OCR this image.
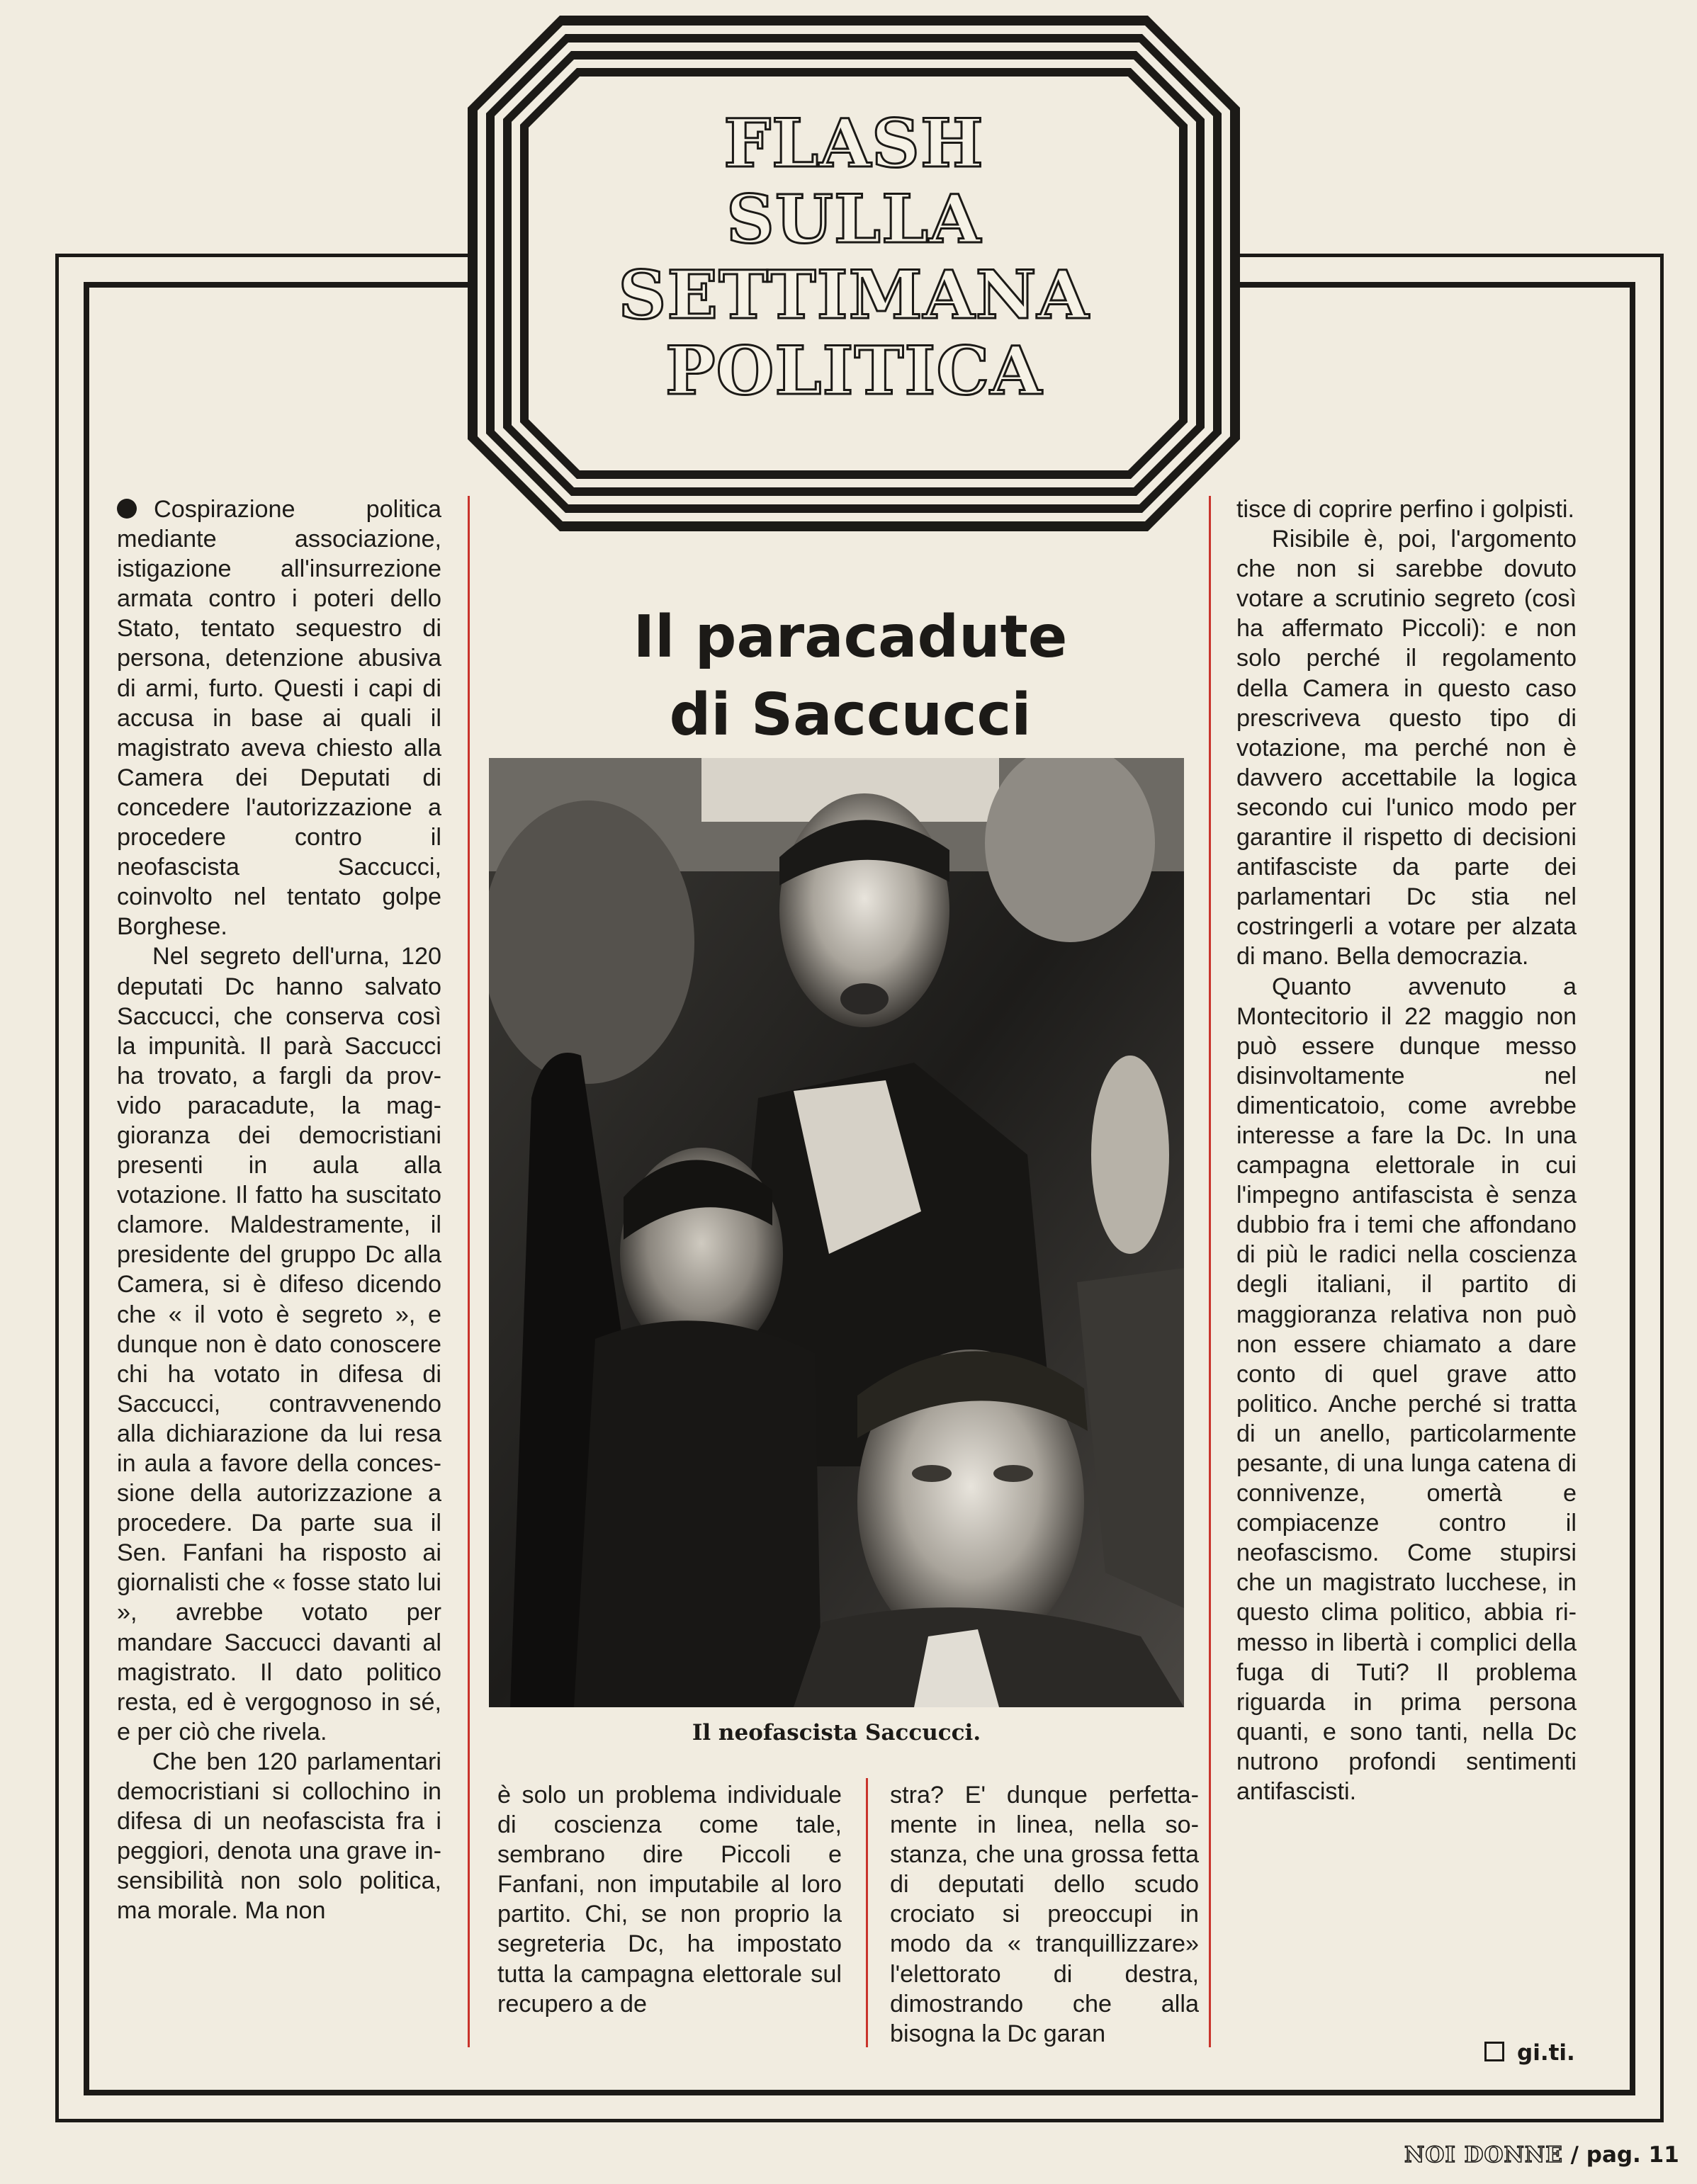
FLASH
SULLA
SETTIMANA
POLITICA

Cospirazione politica mediante associazione, istigazione all'insurrezione armata contro i poteri dello Stato, tentato sequestro di persona, detenzione abusiva di armi, furto. Questi i capi di accusa in base ai quali il magistrato aveva chiesto alla Camera dei Deputati di concedere l'autorizzazione a procedere contro il neofascista Saccucci, coinvolto nel tentato golpe Borghese.

Nel segreto dell'urna, 120 deputati Dc hanno salvato Saccucci, che conserva così la impunità. Il parà Saccucci ha trovato, a fargli da provvido paracadute, la maggioranza dei democristiani presenti in aula alla votazione. Il fatto ha suscitato clamore. Maldestramente, il presidente del gruppo Dc alla Camera, si è difeso dicendo che « il voto è segreto », e dunque non è dato conoscere chi ha votato in difesa di Saccucci, contravvenendo alla dichiarazione da lui resa in aula a favore della concessione della autorizzazione a procedere. Da parte sua il Sen. Fanfani ha risposto ai giornalisti che « fosse stato lui », avrebbe votato per mandare Saccucci davanti al magistrato. Il dato politico resta, ed è vergognoso in sé, e per ciò che rivela.

Che ben 120 parlamentari democristiani si collochino in difesa di un neofascista fra i peggiori, denota una grave insensibilità non solo politica, ma morale. Ma non

Il paracadute
di Saccucci
Il neofascista Saccucci.

è solo un problema individuale di coscienza come tale, sembrano dire Piccoli e Fanfani, non imputabile al loro partito. Chi, se non proprio la segreteria Dc, ha impostato tutta la campagna elettorale sul recupero a de

stra? E' dunque perfettamente in linea, nella sostanza, che una grossa fetta di deputati dello scudo crociato si preoccupi in modo da « tranquillizzare» l'elettorato di destra, dimostrando che alla bisogna la Dc garan

tisce di coprire perfino i golpisti.

Risibile è, poi, l'argomento che non si sarebbe dovuto votare a scrutinio segreto (così ha affermato Piccoli): e non solo perché il regolamento della Camera in questo caso prescriveva questo tipo di votazione, ma perché non è davvero accettabile la logica secondo cui l'unico modo per garantire il rispetto di decisioni antifasciste da parte dei parlamentari Dc stia nel costringerli a votare per alzata di mano. Bella democrazia.

Quanto avvenuto a Montecitorio il 22 maggio non può essere dunque messo disinvoltamente nel dimenticatoio, come avrebbe interesse a fare la Dc. In una campagna elettorale in cui l'impegno antifascista è senza dubbio fra i temi che affondano di più le radici nella coscienza degli italiani, il partito di maggioranza relativa non può non essere chiamato a dare conto di quel grave atto politico. Anche perché si tratta di un anello, particolarmente pesante, di una lunga catena di connivenze, omertà e compiacenze contro il neofascismo. Come stupirsi che un magistrato lucchese, in questo clima politico, abbia rimesso in libertà i complici della fuga di Tuti? Il problema riguarda in prima persona quanti, e sono tanti, nella Dc nutrono profondi sentimenti antifascisti.

gi.ti.
NOI DONNE / pag. 11
